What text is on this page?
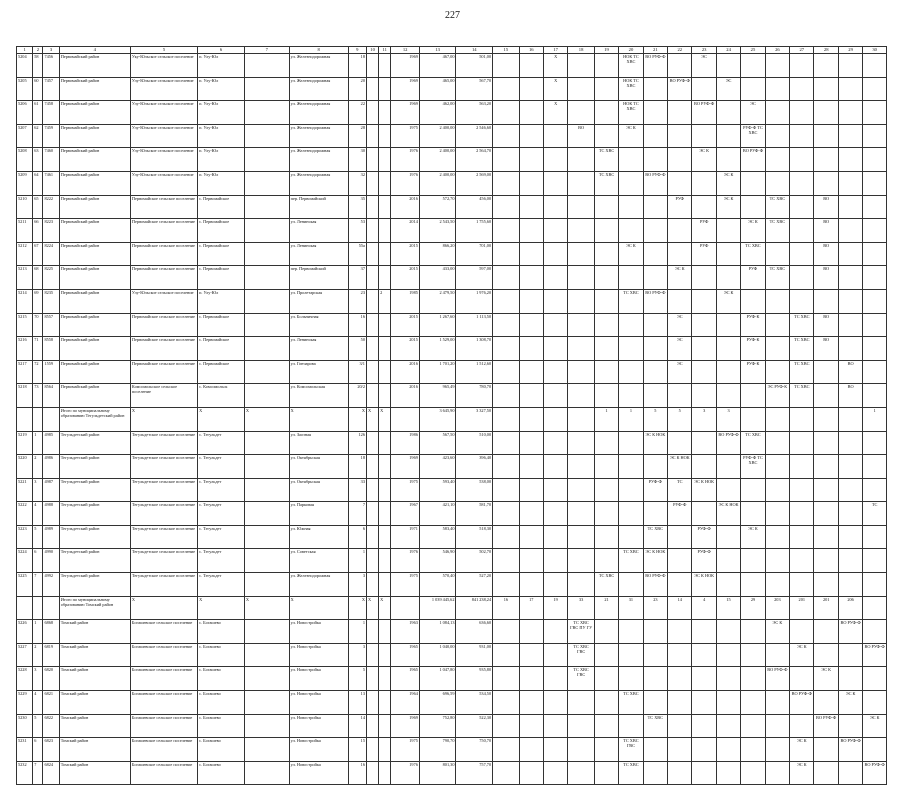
227
1	2	3	4	5	6	7	8	9	10	11	12	13	14	15	16	17	18	19	20	21	22	23	24	25	26	27	28	29	30
5204	58	7456	Первомайский район	Уку-Юльское сельское поселение	п. Улу-Юл		ул. Железнодорожная	18			1969	467,00	501,00			Х			НОК ТС ХВС	ВО РУФ-Ф		ЭС							
5205	60	7457	Первомайский район	Улу-Юльское сельское поселение	п. Улу-Юл		ул. Железнодорожная	20			1969	465,00	567,70			Х			НОК ТС ХВС		ВО РУФ-Ф		ЭС						
5206	61	7458	Первомайский район	Улу-Юльское сельское поселение	п. Улу-Юл		ул. Железнодорожная	22			1969	462,00	563,20			Х			НОК ТС ХВС			ВО РУФ-Ф		ЭС					
5207	62	7459	Первомайский район	Улу-Юльское сельское поселение	п. Улу-Юл		ул. Железнодорожная	28			1975	2 400,00	2 546,60				ВО		ЭС К					РУФ-Ф ТС ХВС					
5208	63	7460	Первомайский район	Улу-Юльское сельское поселение	п. Улу-Юл		ул. Железнодорожная	30			1976	2 400,00	2 564,70					ТС ХВС				ЭС К		ВО РУФ-Ф					
5209	64	7461	Первомайский район	Улу-Юльское сельское поселение	п. Улу-Юл		ул. Железнодорожная	32			1976	2 400,00	2 569,00					ТС ХВС		ВО РУФ-Ф			ЭС К						
5210	65	8222	Первомайский район	Первомайское сельское поселение	с. Первомайское		пер. Первомайский	35			2016	572,70	456,00								РУФ		ЭС К		ТС ХВС		ВО		
5211	66	8223	Первомайский район	Первомайское сельское поселение	с. Первомайское		ул. Ленинская	53			2014	2 543,50	1 755,60									РУФ		ЭС К	ТС ХВС		ВО		
5212	67	8224	Первомайский район	Первомайское сельское поселение	с. Первомайское		ул. Ленинская	55а			2015	866,20	701,00						ЭС К			РУФ		ТС ХВС			ВО		
5213	68	8225	Первомайский район	Первомайское сельское поселение	с. Первомайское		пер. Первомайский	37			2015	433,00	597,00								ЭС К			РУФ	ТС ХВС		ВО		
5214	69	8235	Первомайский район	Улу-Юльское сельское поселение	п. Улу-Юл		ул. Пролетарская	23		2	1985	2 479,50	1 976,20						ТС ХВС	ВО РУФ-Ф			ЭС К						
5215	70	8557	Первомайский район	Первомайское сельское поселение	с. Первомайское		ул. Больничная	16			2015	1 267,60	1 113,50								ЭС			РУФ-К		ТС ХВС	ВО		
5216	71	8558	Первомайский район	Первомайское сельское поселение	с. Первомайское		ул. Ленинская	50			2015	1 529,00	1 308,70								ЭС			РУФ-К		ТС ХВС	ВО		
5217	72	1559	Первомайский район	Первомайское сельское поселение	с. Первомайское		ул. Гончарова	3/1			2016	1 701,20	1 512,60								ЭС			РУФ-К		ТС ХВС		ВО	
5218	73	8564	Первомайский район	Комсомольское сельское поселение	с. Комсомольск		ул. Комсомольская	20/2			2016	965,49	780,70												ЭС РУФ-К	ТС ХВС		ВО	
			Итого по муниципальному образованию Тегульдетский район	Х	Х	Х	Х	Х	Х	Х		3 645,90	3 327,50					1	1	5	5	3	3						1
5219	1	4985	Тегульдетский район	Тегульдетское сельское поселение	с. Тегульдет		ул. Заозная	126			1986	567,50	510,00							ЭС К НОК			ВО РУФ-Ф	ТС ХВС					
5220	2	4986	Тегульдетский район	Тегульдетское сельское поселение	с. Тегульдет		ул. Октябрьская	18			1969	423,60	396,40								ЭС К НОК			РУФ-Ф ТС ХВС					
5221	3	4987	Тегульдетский район	Тегульдетское сельское поселение	с. Тегульдет		ул. Октябрьская	33			1975	593,40	538,00							РУФ-Ф	ТС	ЭС К НОК							
5222	4	4988	Тегульдетский район	Тегульдетское сельское поселение	с. Тегульдет		ул. Парковая	7			1967	421,10	581,70								РУФ-Ф		ЭС К НОК						ТС
5223	5	4989	Тегульдетский район	Тегульдетское сельское поселение	с. Тегульдет		ул. Южная	6			1971	583,40	518,30							ТС ХВС		РУФ-Ф		ЭС К					
5224	6	4990	Тегульдетский район	Тегульдетское сельское поселение	с. Тегульдет		ул. Советская	1			1976	546,90	502,70						ТС ХВС	ЭС К НОК		РУФ-Ф							
5225	7	4992	Тегульдетский район	Тегульдетское сельское поселение	с. Тегульдет		ул. Железнодорожная	3			1975	570,40	527,20					ТС ХВС		ВО РУФ-Ф		ЭС К НОК							
			Итого по муниципальному образованию Томский район	Х	Х	Х	Х	Х	Х	Х		1 039 445,62	841 238,24	16	17	19	33	21	31	23	14	4	15	29	203	201	201	206	
5226	1	6868	Томский район	Богашевское сельское поселение	с. Богашево		ул. Новостройка	1			1963	1 084,13	636,60				ТС ХВС ГВС ПУ ГУ								ЭС К			ВО РУФ-Ф	
5227	2	6819	Томский район	Богашевское сельское поселение	с. Богашево		ул. Новостройка	3			1965	1 040,00	931,00				ТС ХВС ГВС									ЭС К			ВО РУФ-Ф
5228	3	6820	Томский район	Богашевское сельское поселение	с. Богашево		ул. Новостройка	5			1965	1 047,80	935,80				ТС ХВС ГВС								ВО РУФ-Ф		ЭС К		
5229	4	6821	Томский район	Богашевское сельское поселение	с. Богашево		ул. Новостройка	13			1964	696,59	534,50						ТС ХВС							ВО РУФ-Ф		ЭС К	
5230	5	6822	Томский район	Богашевское сельское поселение	с. Богашево		ул. Новостройка	14			1969	752,80	522,30							ТС ХВС							ВО РУФ-Ф		ЭС К
5231	6	6823	Томский район	Богашевское сельское поселение	с. Богашево		ул. Новостройка	15			1975	790,70	750,70						ТС ХВС ГВС							ЭС К		ВО РУФ-Ф	
5232	7	6824	Томский район	Богашевское сельское поселение	с. Богашево		ул. Новостройка	16			1976	801,30	757,70						ТС ХВС							ЭС К			ВО РУФ-Ф
